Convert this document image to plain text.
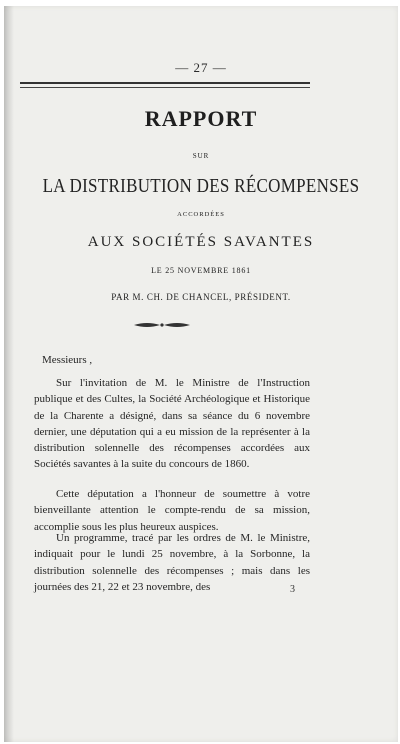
— 27 —
RAPPORT
SUR
LA DISTRIBUTION DES RÉCOMPENSES
ACCORDÉES
AUX SOCIÉTÉS SAVANTES
LE 25 NOVEMBRE 1861
PAR M. CH. DE CHANCEL, PRÉSIDENT.
Messieurs ,

Sur l'invitation de M. le Ministre de l'Instruction publique et des Cultes, la Société Archéologique et Historique de la Charente a désigné, dans sa séance du 6 novembre dernier, une députation qui a eu mission de la représenter à la distribution solennelle des récompenses accordées aux Sociétés savantes à la suite du concours de 1860.

Cette députation a l'honneur de soumettre à votre bienveillante attention le compte-rendu de sa mission, accomplie sous les plus heureux auspices.

Un programme, tracé par les ordres de M. le Ministre, indiquait pour le lundi 25 novembre, à la Sorbonne, la distribution solennelle des récompenses ; mais dans les journées des 21, 22 et 23 novembre, des	3
